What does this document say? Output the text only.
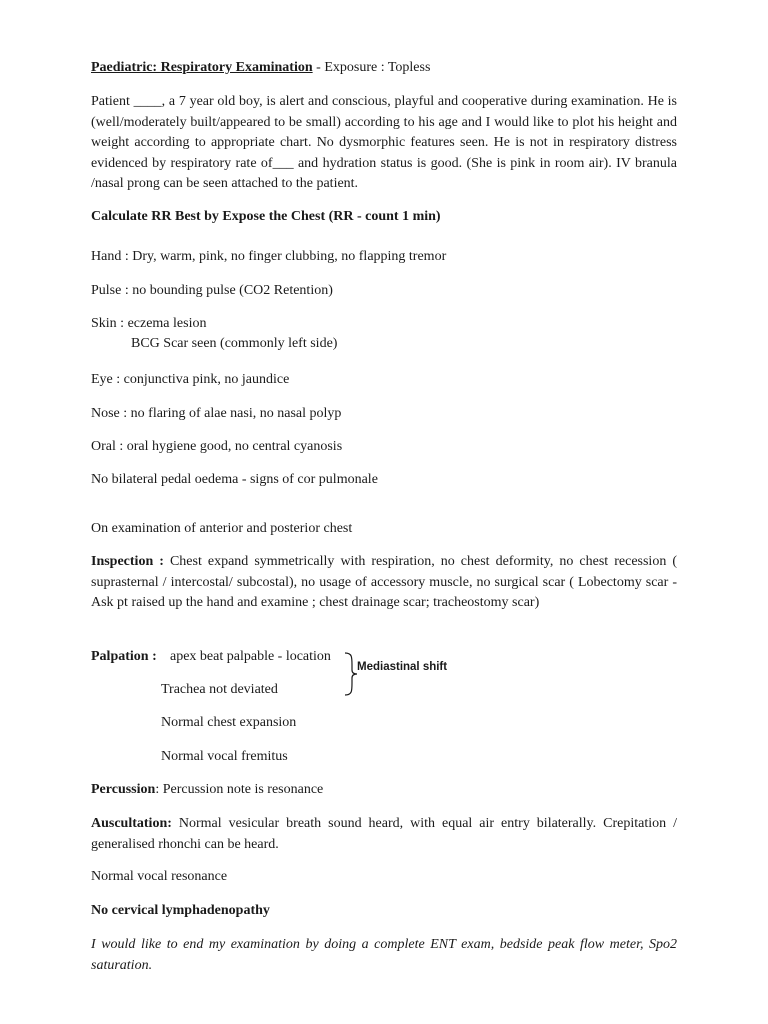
Paediatric: Respiratory Examination - Exposure : Topless
Patient ____, a 7 year old boy, is alert and conscious, playful and cooperative during examination. He is (well/moderately built/appeared to be small) according to his age and I would like to plot his height and weight according to appropriate chart. No dysmorphic features seen. He is not in respiratory distress evidenced by respiratory rate of___ and hydration status is good. (She is pink in room air). IV branula /nasal prong can be seen attached to the patient.
Calculate RR Best by Expose the Chest (RR - count 1 min)
Hand : Dry, warm, pink, no finger clubbing, no flapping tremor
Pulse : no bounding pulse (CO2 Retention)
Skin : eczema lesion
BCG Scar seen (commonly left side)
Eye : conjunctiva pink, no jaundice
Nose : no flaring of alae nasi, no nasal polyp
Oral : oral hygiene good, no central cyanosis
No bilateral pedal oedema - signs of cor pulmonale
On examination of anterior and posterior chest
Inspection : Chest expand symmetrically with respiration, no chest deformity, no chest recession ( suprasternal / intercostal/ subcostal), no usage of accessory muscle, no surgical scar ( Lobectomy scar - Ask pt raised up the hand and examine ; chest drainage scar; tracheostomy scar)
Palpation : apex beat palpable - location
Trachea not deviated
Normal chest expansion
Normal vocal fremitus
Mediastinal shift
Percussion: Percussion note is resonance
Auscultation: Normal vesicular breath sound heard, with equal air entry bilaterally. Crepitation / generalised rhonchi can be heard.
Normal vocal resonance
No cervical lymphadenopathy
I would like to end my examination by doing a complete ENT exam, bedside peak flow meter, Spo2 saturation.
